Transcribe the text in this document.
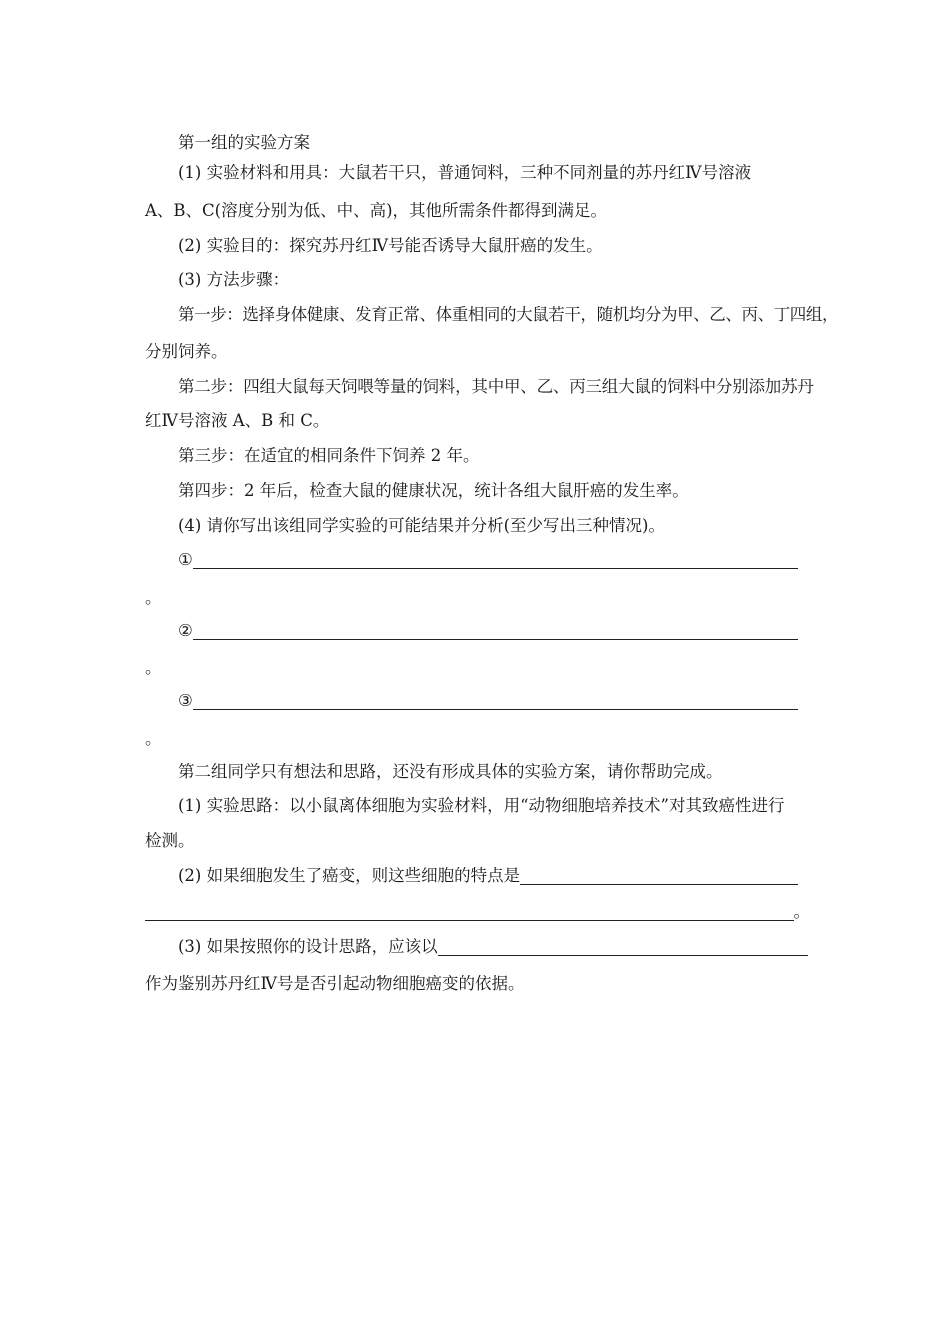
第一组的实验方案
(1) 实验材料和用具：大鼠若干只，普通饲料，三种不同剂量的苏丹红Ⅳ号溶液
A、B、C(溶度分别为低、中、高)，其他所需条件都得到满足。
(2) 实验目的：探究苏丹红Ⅳ号能否诱导大鼠肝癌的发生。
(3) 方法步骤：
第一步：选择身体健康、发育正常、体重相同的大鼠若干，随机均分为甲、乙、丙、丁四组，
分别饲养。
第二步：四组大鼠每天饲喂等量的饲料，其中甲、乙、丙三组大鼠的饲料中分别添加苏丹
红Ⅳ号溶液 A、B 和 C。
第三步：在适宜的相同条件下饲养 2 年。
第四步：2 年后，检查大鼠的健康状况，统计各组大鼠肝癌的发生率。
(4) 请你写出该组同学实验的可能结果并分析(至少写出三种情况)。
①
。
②
。
③
。
第二组同学只有想法和思路，还没有形成具体的实验方案，请你帮助完成。
(1) 实验思路：以小鼠离体细胞为实验材料，用“动物细胞培养技术”对其致癌性进行
检测。
(2) 如果细胞发生了癌变，则这些细胞的特点是
。
(3) 如果按照你的设计思路，应该以
作为鉴别苏丹红Ⅳ号是否引起动物细胞癌变的依据。
